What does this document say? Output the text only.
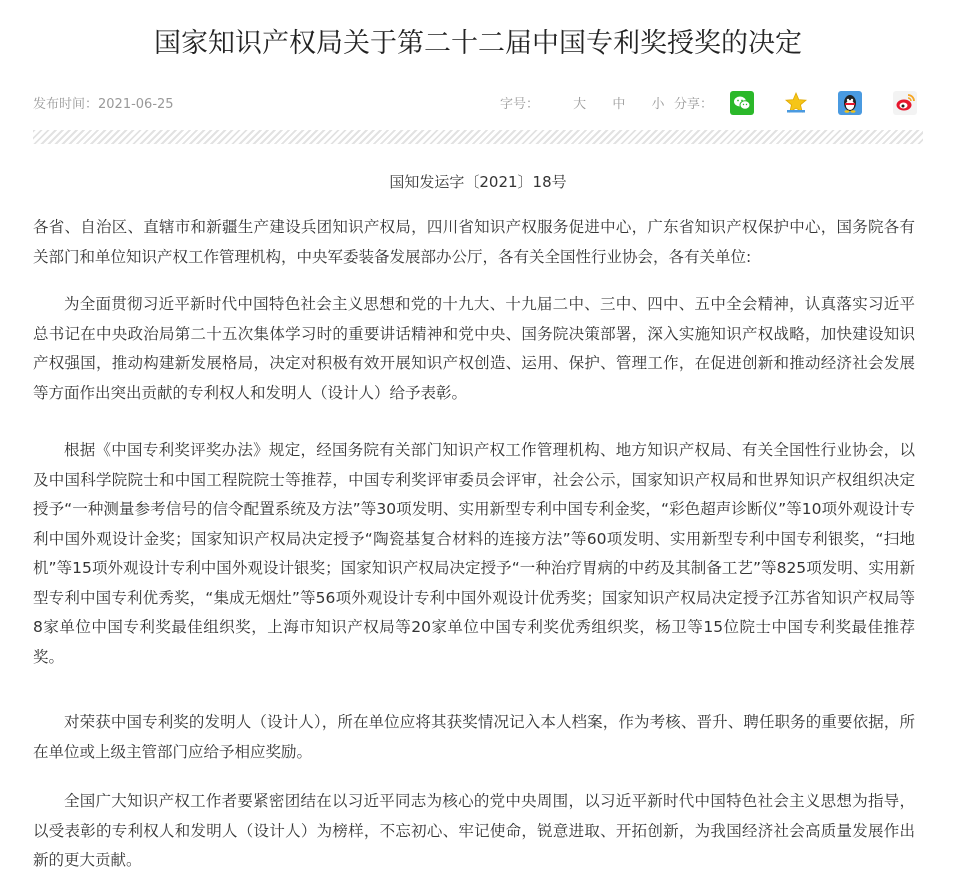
国家知识产权局关于第二十二届中国专利奖授奖的决定
发布时间：2021-06-25	字号：	大 中 小 分享：
国知发运字〔2021〕18号

各省、自治区、直辖市和新疆生产建设兵团知识产权局，四川省知识产权服务促进中心，广东省知识产权保护中心，国务院各有关部门和单位知识产权工作管理机构，中央军委装备发展部办公厅，各有关全国性行业协会，各有关单位:

为全面贯彻习近平新时代中国特色社会主义思想和党的十九大、十九届二中、三中、四中、五中全会精神，认真落实习近平总书记在中央政治局第二十五次集体学习时的重要讲话精神和党中央、国务院决策部署，深入实施知识产权战略，加快建设知识产权强国，推动构建新发展格局，决定对积极有效开展知识产权创造、运用、保护、管理工作，在促进创新和推动经济社会发展等方面作出突出贡献的专利权人和发明人（设计人）给予表彰。

根据《中国专利奖评奖办法》规定，经国务院有关部门知识产权工作管理机构、地方知识产权局、有关全国性行业协会，以及中国科学院院士和中国工程院院士等推荐，中国专利奖评审委员会评审，社会公示，国家知识产权局和世界知识产权组织决定授予“一种测量参考信号的信令配置系统及方法”等30项发明、实用新型专利中国专利金奖，“彩色超声诊断仪”等10项外观设计专利中国外观设计金奖；国家知识产权局决定授予“陶瓷基复合材料的连接方法”等60项发明、实用新型专利中国专利银奖，“扫地机”等15项外观设计专利中国外观设计银奖；国家知识产权局决定授予“一种治疗胃病的中药及其制备工艺”等825项发明、实用新型专利中国专利优秀奖，“集成无烟灶”等56项外观设计专利中国外观设计优秀奖；国家知识产权局决定授予江苏省知识产权局等8家单位中国专利奖最佳组织奖，上海市知识产权局等20家单位中国专利奖优秀组织奖，杨卫等15位院士中国专利奖最佳推荐奖。

对荣获中国专利奖的发明人（设计人），所在单位应将其获奖情况记入本人档案，作为考核、晋升、聘任职务的重要依据，所在单位或上级主管部门应给予相应奖励。

全国广大知识产权工作者要紧密团结在以习近平同志为核心的党中央周围，以习近平新时代中国特色社会主义思想为指导，以受表彰的专利权人和发明人（设计人）为榜样，不忘初心、牢记使命，锐意进取、开拓创新，为我国经济社会高质量发展作出新的更大贡献。
